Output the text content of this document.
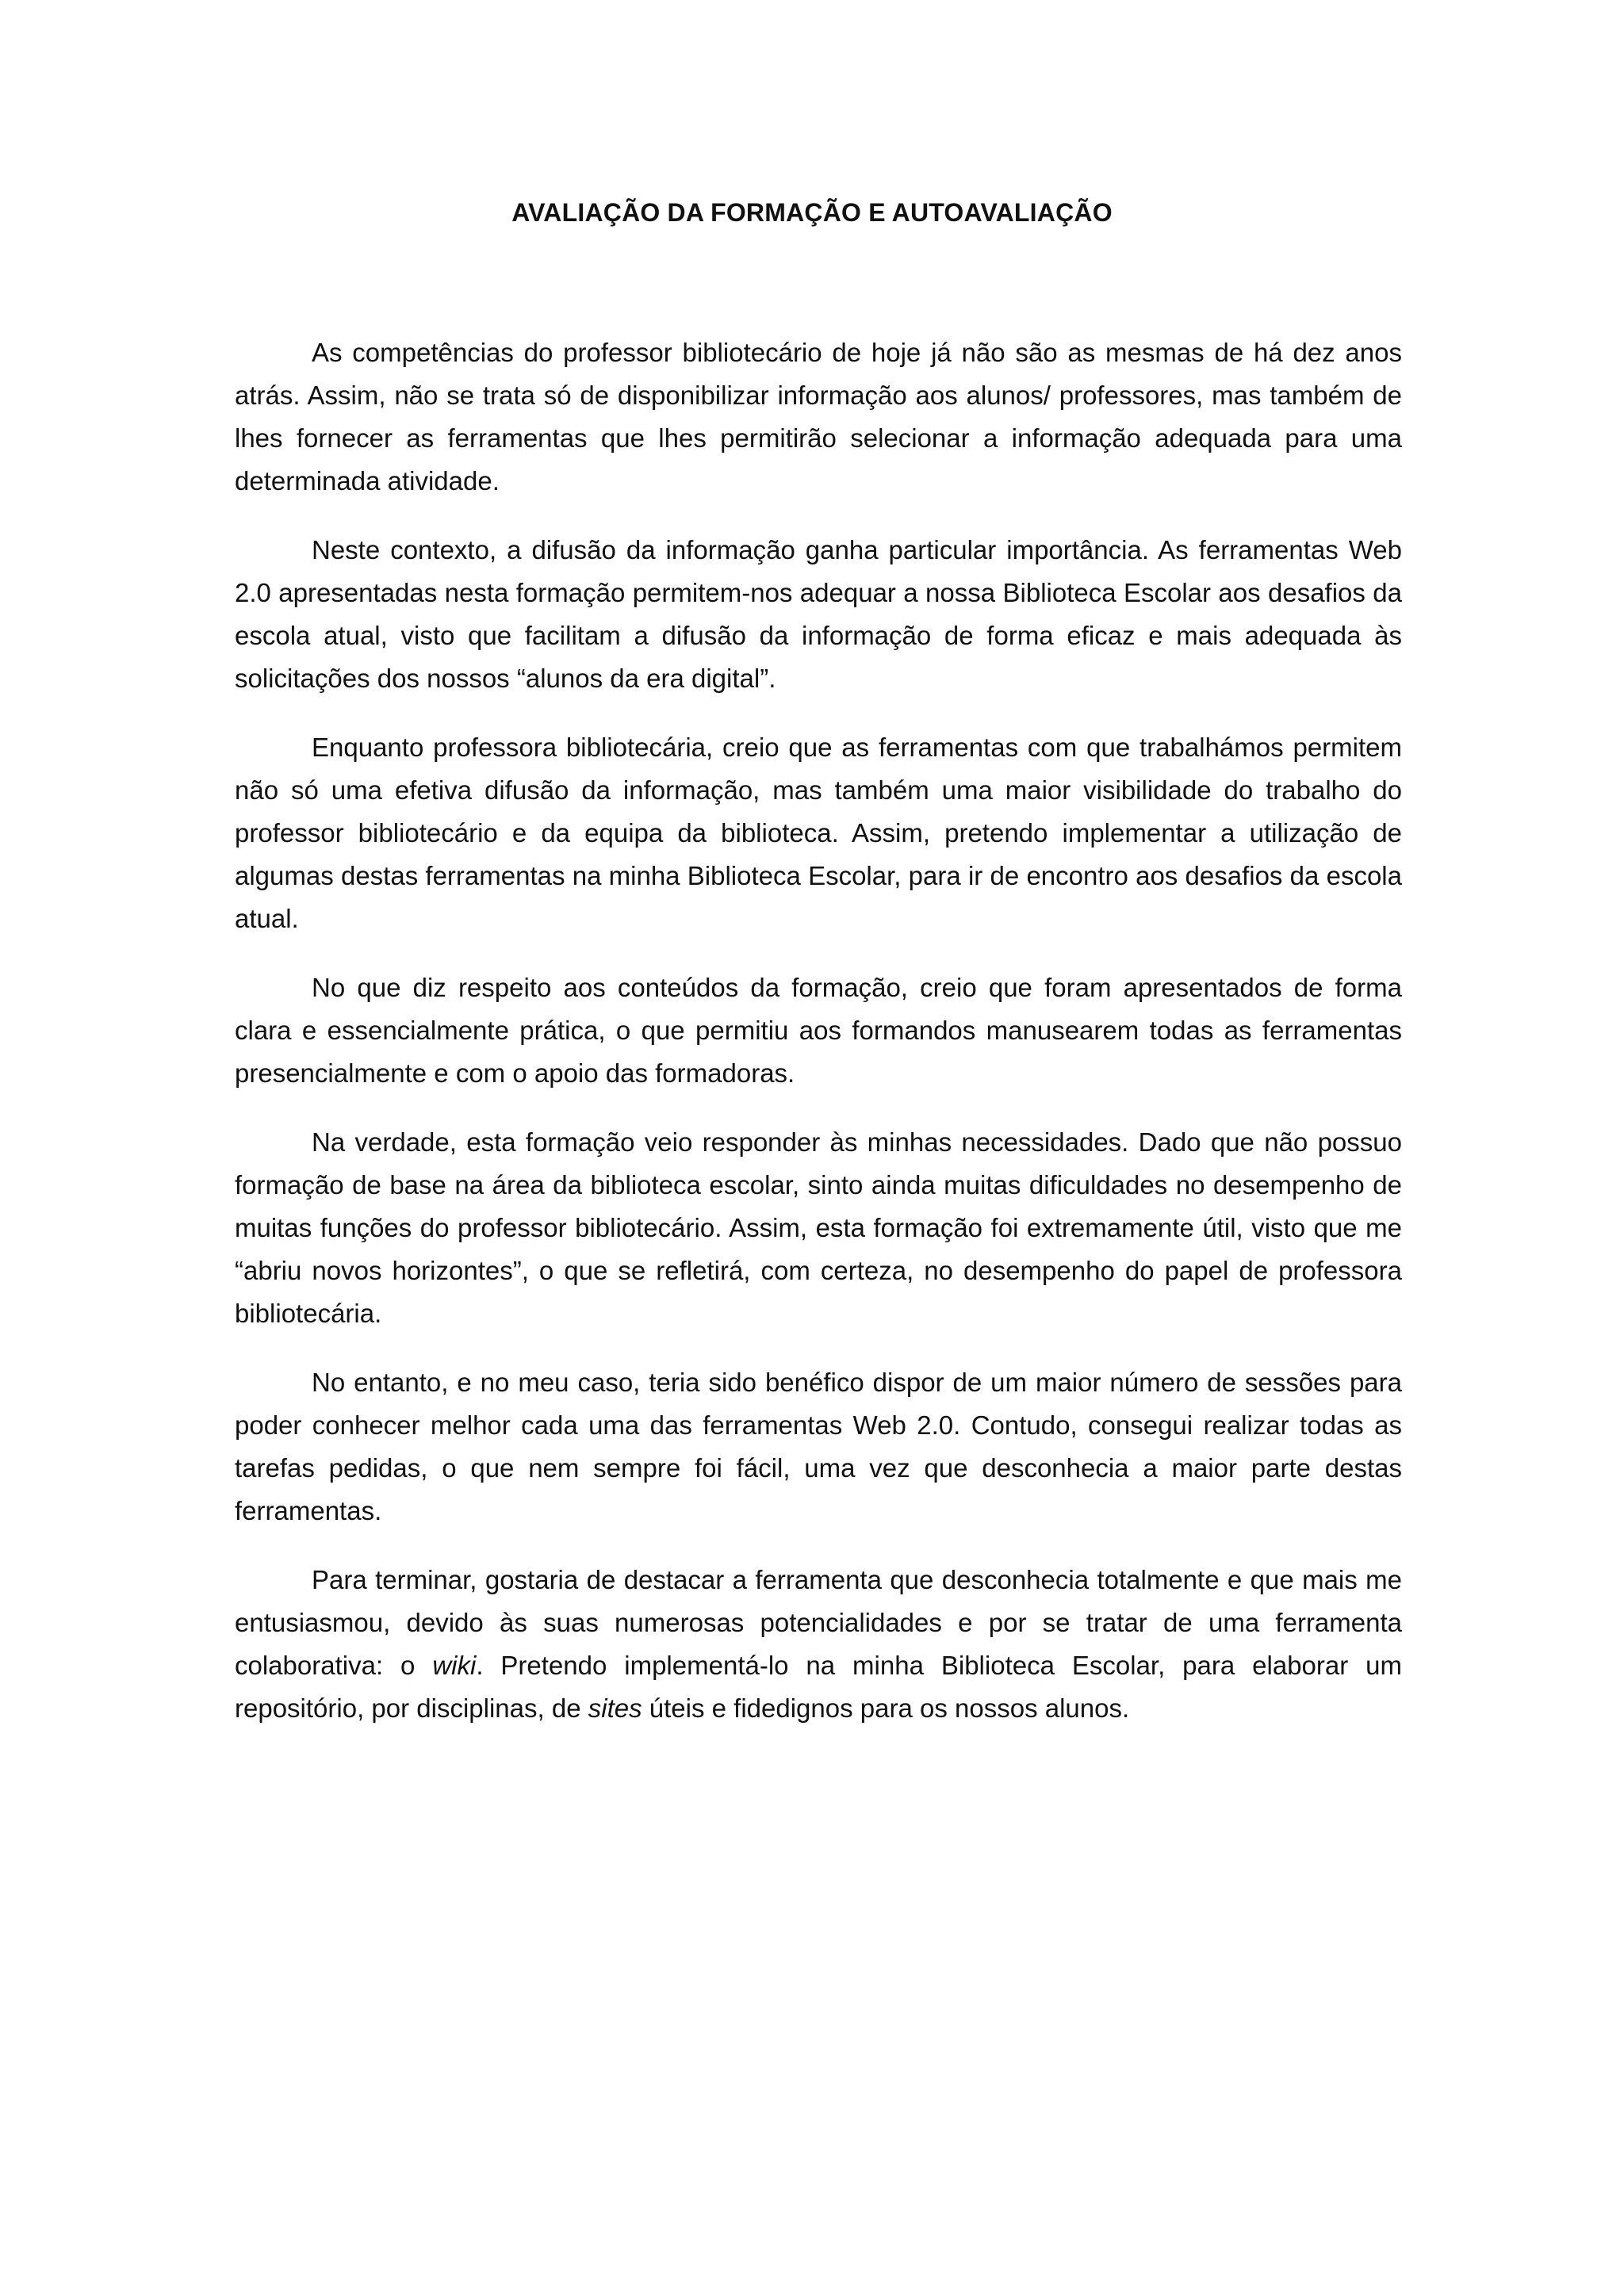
AVALIAÇÃO DA FORMAÇÃO E AUTOAVALIAÇÃO

As competências do professor bibliotecário de hoje já não são as mesmas de há dez anos atrás. Assim, não se trata só de disponibilizar informação aos alunos/ professores, mas também de lhes fornecer as ferramentas que lhes permitirão selecionar a informação adequada para uma determinada atividade.

Neste contexto, a difusão da informação ganha particular importância. As ferramentas Web 2.0 apresentadas nesta formação permitem-nos adequar a nossa Biblioteca Escolar aos desafios da escola atual, visto que facilitam a difusão da informação de forma eficaz e mais adequada às solicitações dos nossos “alunos da era digital”.

Enquanto professora bibliotecária, creio que as ferramentas com que trabalhámos permitem não só uma efetiva difusão da informação, mas também uma maior visibilidade do trabalho do professor bibliotecário e da equipa da biblioteca. Assim, pretendo implementar a utilização de algumas destas ferramentas na minha Biblioteca Escolar, para ir de encontro aos desafios da escola atual.

No que diz respeito aos conteúdos da formação, creio que foram apresentados de forma clara e essencialmente prática, o que permitiu aos formandos manusearem todas as ferramentas presencialmente e com o apoio das formadoras.

Na verdade, esta formação veio responder às minhas necessidades. Dado que não possuo formação de base na área da biblioteca escolar, sinto ainda muitas dificuldades no desempenho de muitas funções do professor bibliotecário. Assim, esta formação foi extremamente útil, visto que me “abriu novos horizontes”, o que se refletirá, com certeza, no desempenho do papel de professora bibliotecária.

No entanto, e no meu caso, teria sido benéfico dispor de um maior número de sessões para poder conhecer melhor cada uma das ferramentas Web 2.0. Contudo, consegui realizar todas as tarefas pedidas, o que nem sempre foi fácil, uma vez que desconhecia a maior parte destas ferramentas.

Para terminar, gostaria de destacar a ferramenta que desconhecia totalmente e que mais me entusiasmou, devido às suas numerosas potencialidades e por se tratar de uma ferramenta colaborativa: o wiki. Pretendo implementá-lo na minha Biblioteca Escolar, para elaborar um repositório, por disciplinas, de sites úteis e fidedignos para os nossos alunos.
